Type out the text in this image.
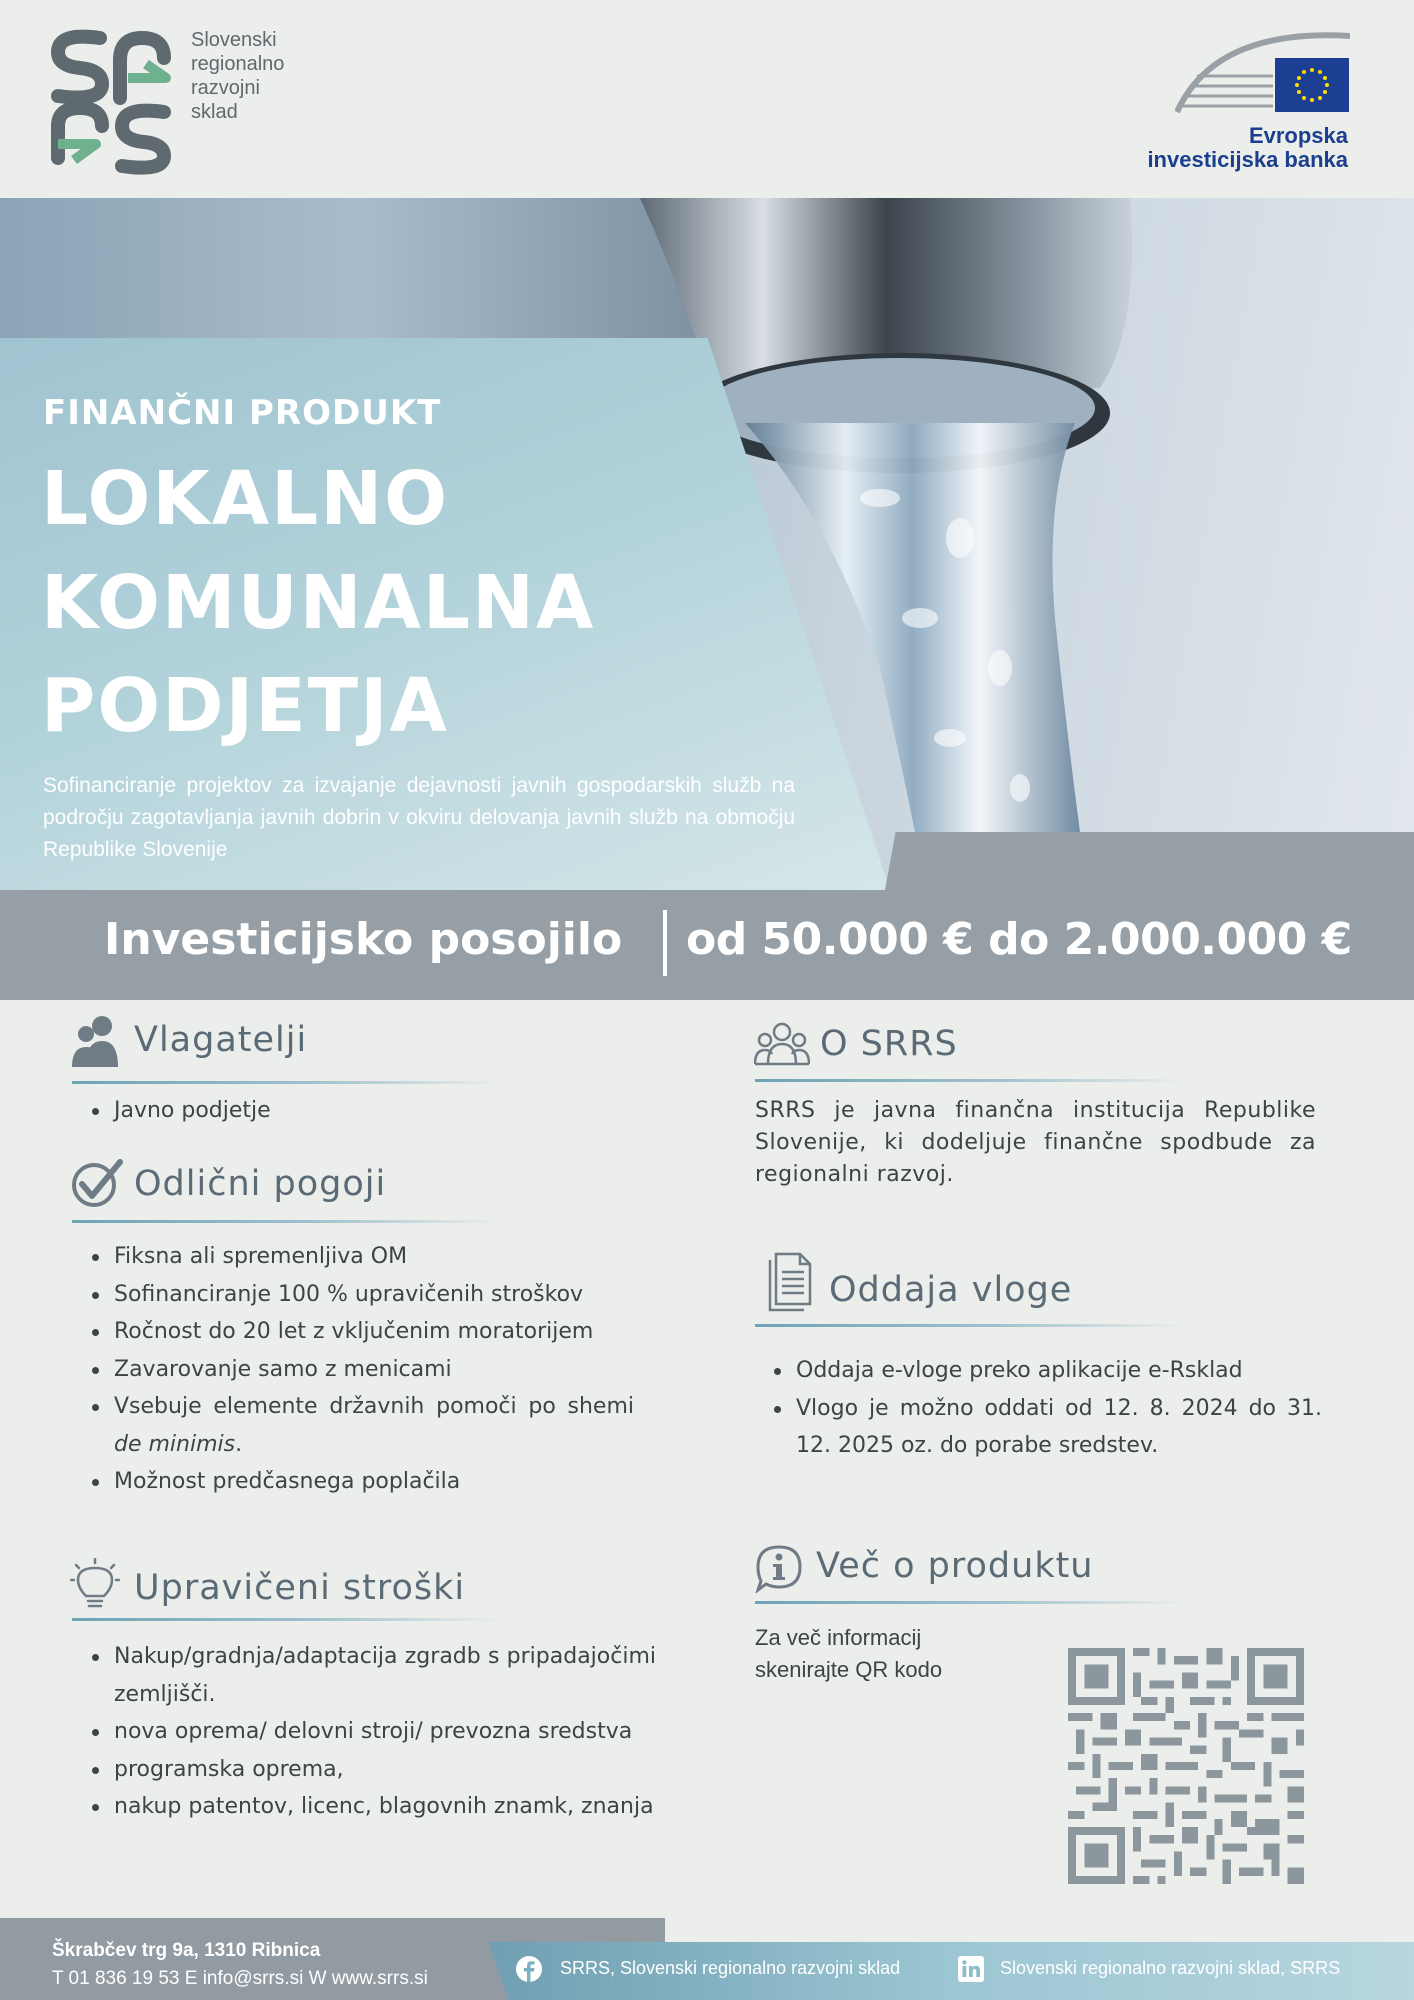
Slovenski
regionalno
razvojni
sklad
Evropska
investicijska banka
FINANČNI PRODUKT
LOKALNO
KOMUNALNA
PODJETJA
Sofinanciranje projektov za izvajanje dejavnosti javnih gospodarskih služb na področju zagotavljanja javnih dobrin v okviru delovanja javnih služb na območju Republike Slovenije
Investicijsko posojilo od 50.000 € do 2.000.000 €
Vlagatelji
Javno podjetje
Odlični pogoji
Fiksna ali spremenljiva OM
Sofinanciranje 100 % upravičenih stroškov
Ročnost do 20 let z vključenim moratorijem
Zavarovanje samo z menicami
Vsebuje elemente državnih pomoči po shemi de minimis.
Možnost predčasnega poplačila
Upravičeni stroški
Nakup/gradnja/adaptacija zgradb s pripadajočimi zemljišči.
nova oprema/ delovni stroji/ prevozna sredstva
programska oprema,
nakup patentov, licenc, blagovnih znamk, znanja
O SRRS
SRRS je javna finančna institucija Republike Slovenije, ki dodeljuje finančne spodbude za regionalni razvoj.
Oddaja vloge
Oddaja e-vloge preko aplikacije e-Rsklad
Vlogo je možno oddati od 12. 8. 2024 do 31. 12. 2025 oz. do porabe sredstev.
Več o produktu
Za več informacij
skenirajte QR kodo
Škrabčev trg 9a, 1310 Ribnica
T 01 836 19 53 E info@srrs.si W www.srrs.si	SRRS, Slovenski regionalno razvojni sklad	Slovenski regionalno razvojni sklad, SRRS
